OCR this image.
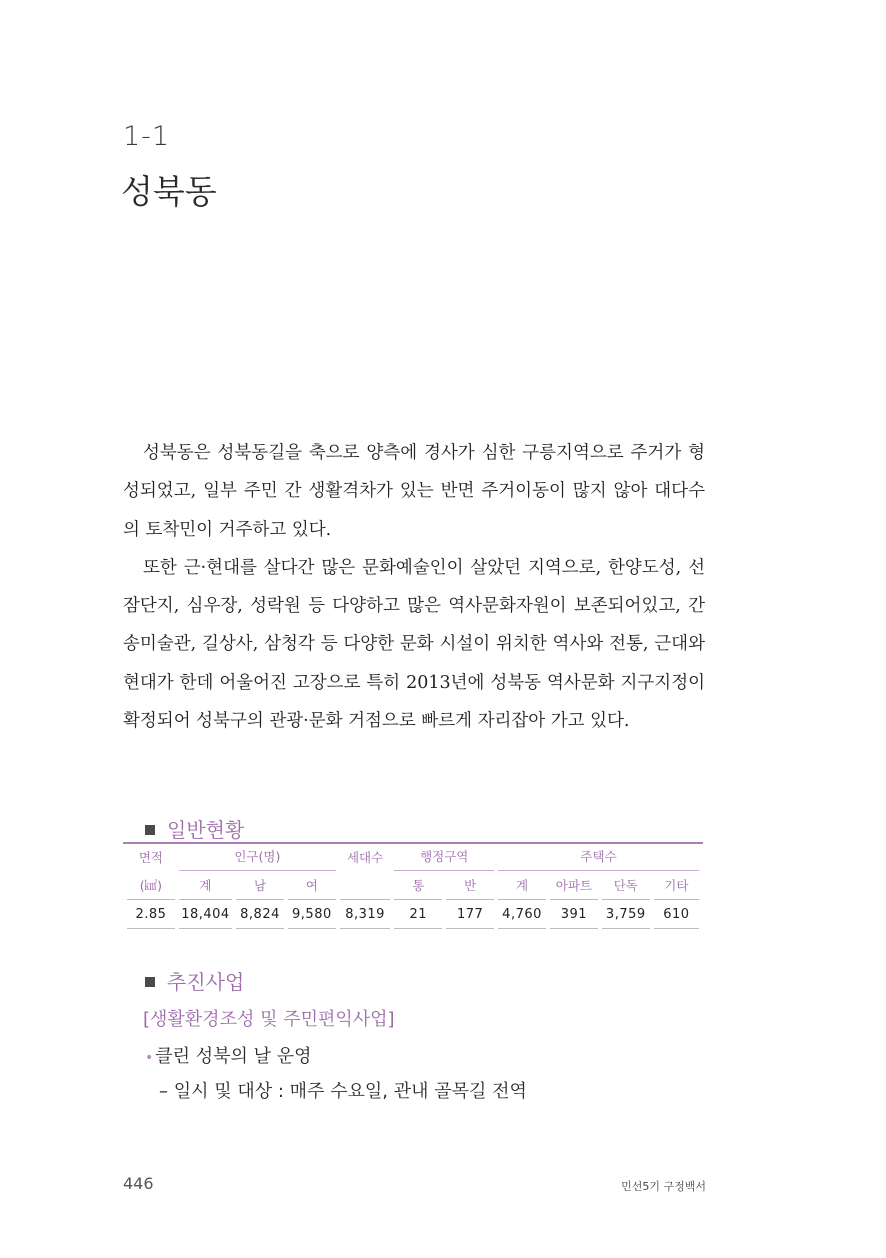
1-1
성북동

성북동은 성북동길을 축으로 양측에 경사가 심한 구릉지역으로 주거가 형성되었고, 일부 주민 간 생활격차가 있는 반면 주거이동이 많지 않아 대다수의 토착민이 거주하고 있다.

또한 근·현대를 살다간 많은 문화예술인이 살았던 지역으로, 한양도성, 선잠단지, 심우장, 성락원 등 다양하고 많은 역사문화자원이 보존되어있고, 간송미술관, 길상사, 삼청각 등 다양한 문화 시설이 위치한 역사와 전통, 근대와 현대가 한데 어울어진 고장으로 특히 2013년에 성북동 역사문화 지구지정이 확정되어 성북구의 관광·문화 거점으로 빠르게 자리잡아 가고 있다.

일반현황
면적	인구(명)			세대수	행정구역		주택수			
(㎢)	계	남	여		통	반	계	아파트	단독	기타
2.85	18,404	8,824	9,580	8,319	21	177	4,760	391	3,759	610
추진사업
[생활환경조성 및 주민편익사업]
• 클린 성북의 날 운영
– 일시 및 대상 : 매주 수요일, 관내 골목길 전역
446	민선5기 구정백서
